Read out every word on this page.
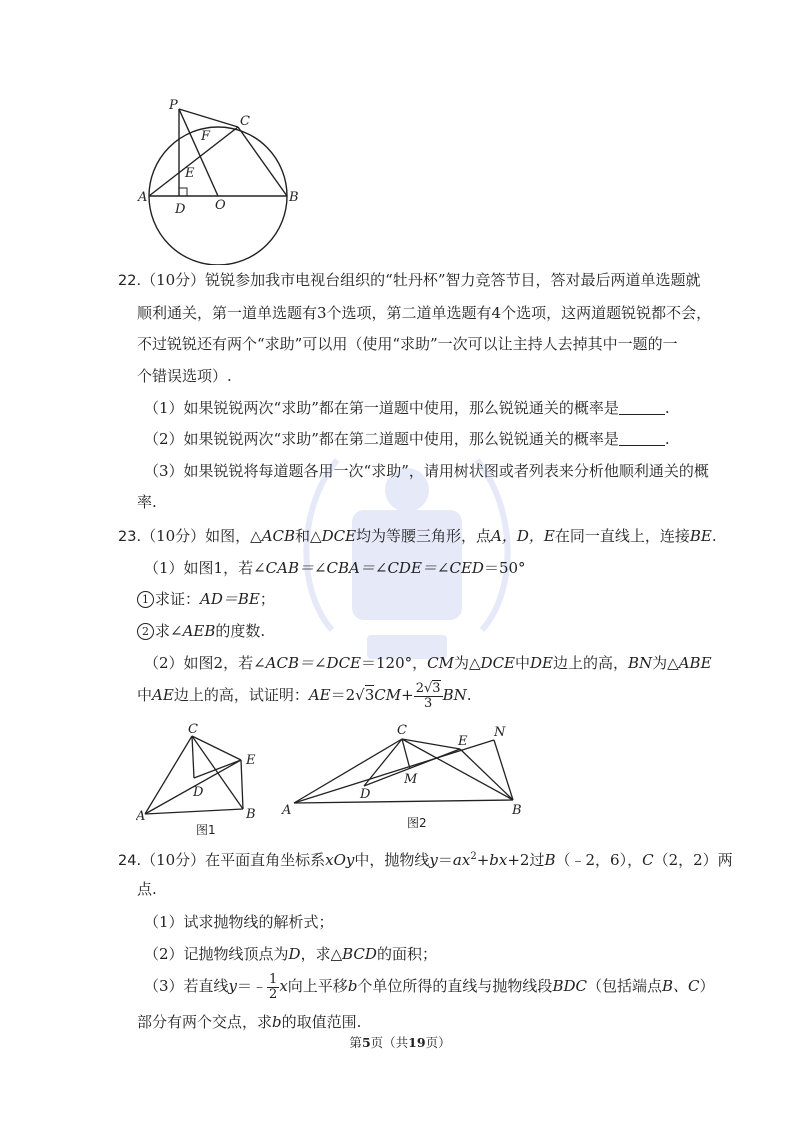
P
C
F
E
A
D O
B
22.（10分）锐锐参加我市电视台组织的“牡丹杯”智力竞答节目，答对最后两道单选题就
顺利通关，第一道单选题有3个选项，第二道单选题有4个选项，这两道题锐锐都不会，
不过锐锐还有两个“求助”可以用（使用“求助”一次可以让主持人去掉其中一题的一
个错误选项）.
（1）如果锐锐两次“求助”都在第一道题中使用，那么锐锐通关的概率是	.
（2）如果锐锐两次“求助”都在第二道题中使用，那么锐锐通关的概率是	.
（3）如果锐锐将每道题各用一次“求助”，请用树状图或者列表来分析他顺利通关的概
率.
23.（10分）如图，△ACB和△DCE均为等腰三角形，点A，D，E在同一直线上，连接BE.
（1）如图1，若∠CAB＝∠CBA＝∠CDE＝∠CED＝50°
1 求证：AD＝BE；
2 求∠AEB的度数.
（2）如图2，若∠ACB＝∠DCE＝120°，CM为△DCE中DE边上的高，BN为△ABE
中AE边上的高，试证明：$AE=2√3CM+ \frac{2√3}{3}$ BN.
C
E
D
A	B
图1
C
E
N
M
D
A	B
图2
24.（10分）在平面直角坐标系xOy中，抛物线$y=ax^2+bx+2$过B（﹣2，6），C（2，2）两
点.
（1）试求抛物线的解析式；
（2）记抛物线顶点为D，求△BCD的面积；
（3）若直线y＝﹣ $\frac{1}{2}$ x向上平移b个单位所得的直线与抛物线段BDC（包括端点B、C）
部分有两个交点，求b的取值范围.
第5页（共19页）
